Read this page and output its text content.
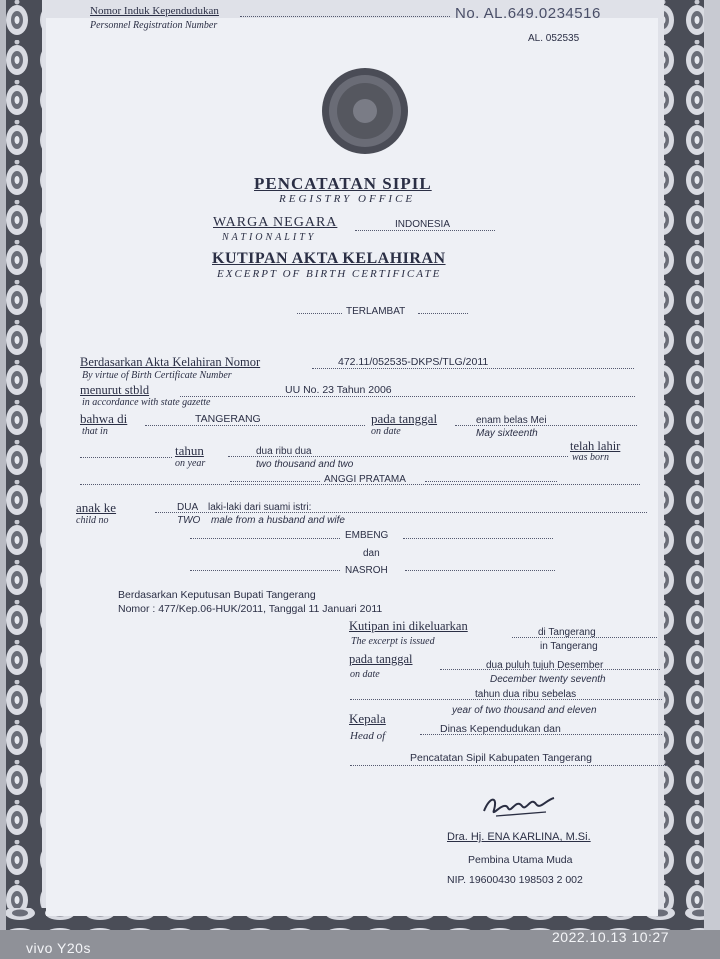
Nomor Induk Kependudukan
Personnel Registration Number
No. AL.649.0234516
AL. 052535
PENCATATAN SIPIL
REGISTRY OFFICE
WARGA NEGARA
NATIONALITY
INDONESIA
KUTIPAN AKTA KELAHIRAN
EXCERPT OF BIRTH CERTIFICATE
TERLAMBAT
Berdasarkan Akta Kelahiran Nomor
By virtue of Birth Certificate Number
472.11/052535-DKPS/TLG/2011
menurut stbld
in accordance with state gazette
UU No. 23 Tahun 2006
bahwa di
that in
TANGERANG	pada tanggal
on date
enam belas Mei
May sixteenth
tahun
on year
dua ribu dua
two thousand and two
telah lahir
was born
ANGGI PRATAMA
anak ke
child no
DUA laki-laki dari suami istri:
TWO male from a husband and wife
EMBENG
dan
NASROH
Berdasarkan Keputusan Bupati Tangerang
Nomor : 477/Kep.06-HUK/2011, Tanggal 11 Januari 2011
Kutipan ini dikeluarkan
The excerpt is issued
di Tangerang
in Tangerang
pada tanggal
on date
dua puluh tujuh Desember
December twenty seventh
tahun dua ribu sebelas
year of two thousand and eleven
Kepala
Head of
Dinas Kependudukan dan
Pencatatan Sipil Kabupaten Tangerang
Dra. Hj. ENA KARLINA, M.Si.
Pembina Utama Muda
NIP. 19600430 198503 2 002
vivo Y20s
2022.10.13 10:27
